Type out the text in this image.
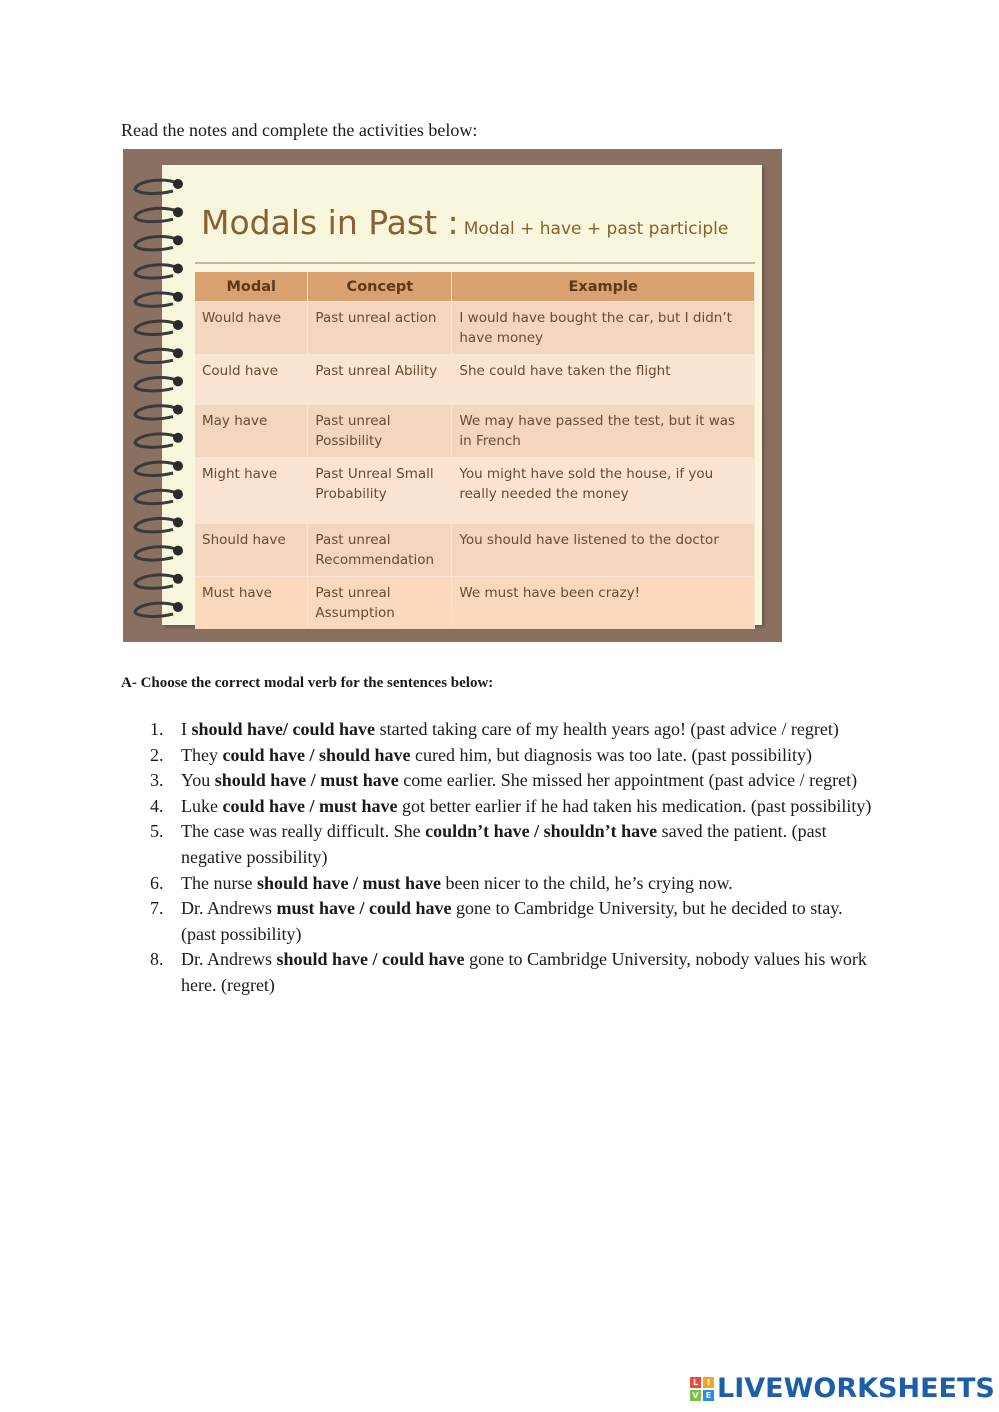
Read the notes and complete the activities below:
Modals in Past : Modal + have + past participle
Modal	Concept	Example
Would have	Past unreal action	I would have bought the car, but I didn’t have money
Could have	Past unreal Ability	She could have taken the flight
May have	Past unreal Possibility	We may have passed the test, but it was in French
Might have	Past Unreal Small Probability	You might have sold the house, if you really needed the money
Should have	Past unreal Recommendation	You should have listened to the doctor
Must have	Past unreal Assumption	We must have been crazy!
A- Choose the correct modal verb for the sentences below:
1. I should have/ could have started taking care of my health years ago! (past advice / regret)
2. They could have / should have cured him, but diagnosis was too late. (past possibility)
3. You should have / must have come earlier. She missed her appointment (past advice / regret)
4. Luke could have / must have got better earlier if he had taken his medication. (past possibility)
5. The case was really difficult. She couldn’t have / shouldn’t have saved the patient. (past negative possibility)
6. The nurse should have / must have been nicer to the child, he’s crying now.
7. Dr. Andrews must have / could have gone to Cambridge University, but he decided to stay. (past possibility)
8. Dr. Andrews should have / could have gone to Cambridge University, nobody values his work here. (regret)
L	I
V E LIVEWORKSHEETS
